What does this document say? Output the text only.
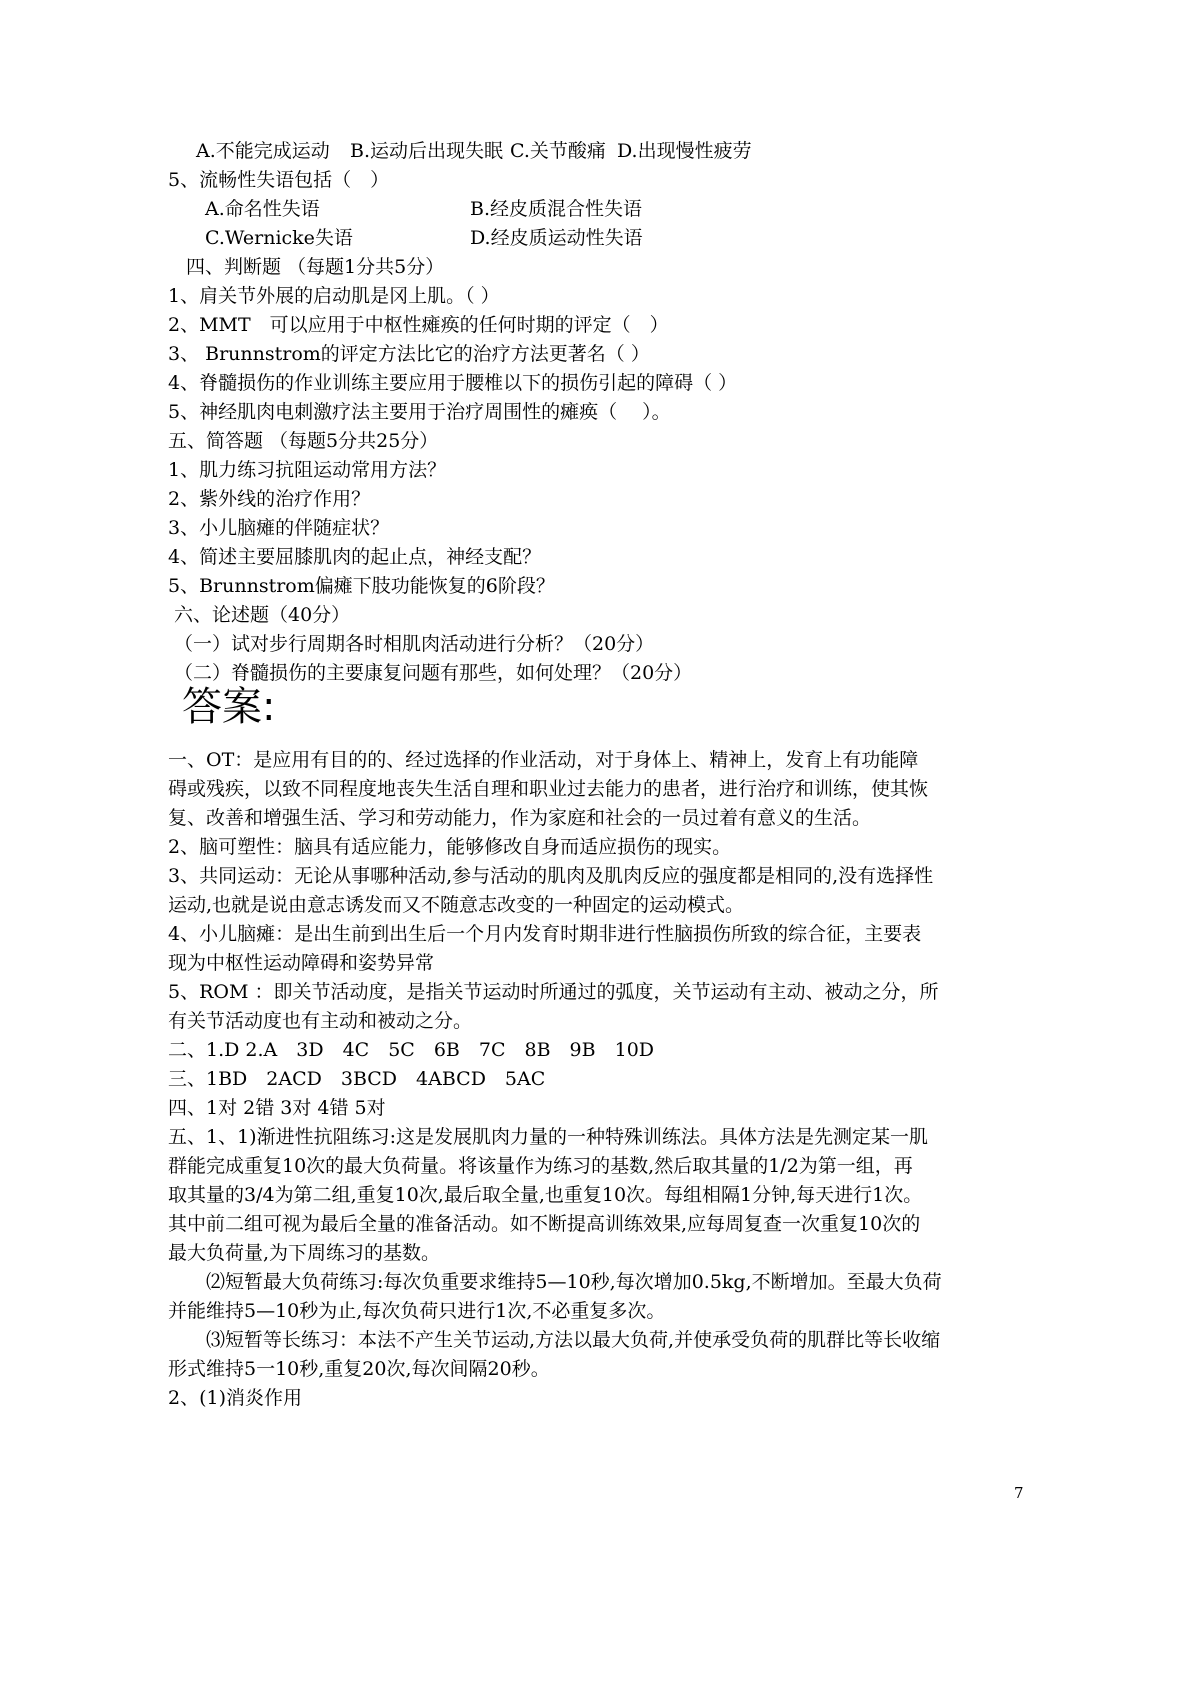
A.不能完成运动 B.运动后出现失眠 C.关节酸痛 D.出现慢性疲劳
5、流畅性失语包括（　）
A.命名性失语	B.经皮质混合性失语
C.Wernicke失语	D.经皮质运动性失语
四、判断题 （每题1分共5分）
1、肩关节外展的启动肌是冈上肌。（ ）
2、MMT　可以应用于中枢性瘫痪的任何时期的评定（　）
3、 Brunnstrom的评定方法比它的治疗方法更著名（ ）
4、脊髓损伤的作业训练主要应用于腰椎以下的损伤引起的障碍（ ）
5、神经肌肉电刺激疗法主要用于治疗周围性的瘫痪（　 ）。
五、简答题 （每题5分共25分）
1、肌力练习抗阻运动常用方法？
2、紫外线的治疗作用？
3、小儿脑瘫的伴随症状？
4、简述主要屈膝肌肉的起止点，神经支配？
5、Brunnstrom偏瘫下肢功能恢复的6阶段？
六、论述题（40分）
（一）试对步行周期各时相肌肉活动进行分析？（20分）
（二）脊髓损伤的主要康复问题有那些，如何处理？（20分）
答案:
一、OT：是应用有目的的、经过选择的作业活动，对于身体上、精神上，发育上有功能障
碍或残疾，以致不同程度地丧失生活自理和职业过去能力的患者，进行治疗和训练，使其恢
复、改善和增强生活、学习和劳动能力，作为家庭和社会的一员过着有意义的生活。
2、脑可塑性：脑具有适应能力，能够修改自身而适应损伤的现实。
3、共同运动：无论从事哪种活动,参与活动的肌肉及肌肉反应的强度都是相同的,没有选择性
运动,也就是说由意志诱发而又不随意志改变的一种固定的运动模式。
4、小儿脑瘫：是出生前到出生后一个月内发育时期非进行性脑损伤所致的综合征，主要表
现为中枢性运动障碍和姿势异常
5、ROM ：即关节活动度，是指关节运动时所通过的弧度，关节运动有主动、被动之分，所
有关节活动度也有主动和被动之分。
二、1.D 2.A　3D　4C　5C　6B　7C　8B　9B　10D
三、1BD　2ACD　3BCD　4ABCD　5AC
四、1对 2错 3对 4错 5对
五、1、1)渐进性抗阻练习:这是发展肌肉力量的一种特殊训练法。具体方法是先测定某一肌
群能完成重复10次的最大负荷量。将该量作为练习的基数,然后取其量的1/2为第一组，再
取其量的3/4为第二组,重复10次,最后取全量,也重复10次。每组相隔1分钟,每天进行1次。
其中前二组可视为最后全量的准备活动。如不断提高训练效果,应每周复查一次重复10次的
最大负荷量,为下周练习的基数。
　　⑵短暂最大负荷练习:每次负重要求维持5—10秒,每次增加0.5kg,不断增加。至最大负荷
并能维持5—10秒为止,每次负荷只进行1次,不必重复多次。
　　⑶短暂等长练习：本法不产生关节运动,方法以最大负荷,并使承受负荷的肌群比等长收缩
形式维持5一10秒,重复20次,每次间隔20秒。
2、(1)消炎作用
7
